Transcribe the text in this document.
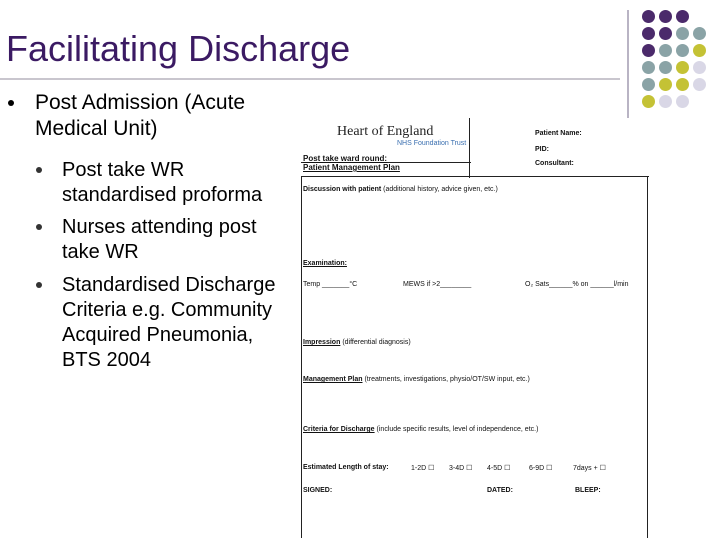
Facilitating Discharge
Post Admission (Acute Medical Unit)
Post take WR standardised proforma
Nurses attending post take WR
Standardised Discharge Criteria e.g. Community Acquired Pneumonia, BTS 2004
Heart of England
NHS Foundation Trust
Patient Name:
PID:
Consultant:
Post take ward round:
Patient Management Plan
Discussion with patient (additional history, advice given, etc.)
Examination:
Temp _______°C	MEWS if >2________	O₂ Sats______% on ______l/min
Impression (differential diagnosis)
Management Plan (treatments, investigations, physio/OT/SW input, etc.)
Criteria for Discharge (include specific results, level of independence, etc.)
Estimated Length of stay:	1-2D ☐ 3-4D ☐ 4-5D ☐	6-9D ☐	7days + ☐
SIGNED:	DATED:	BLEEP:
